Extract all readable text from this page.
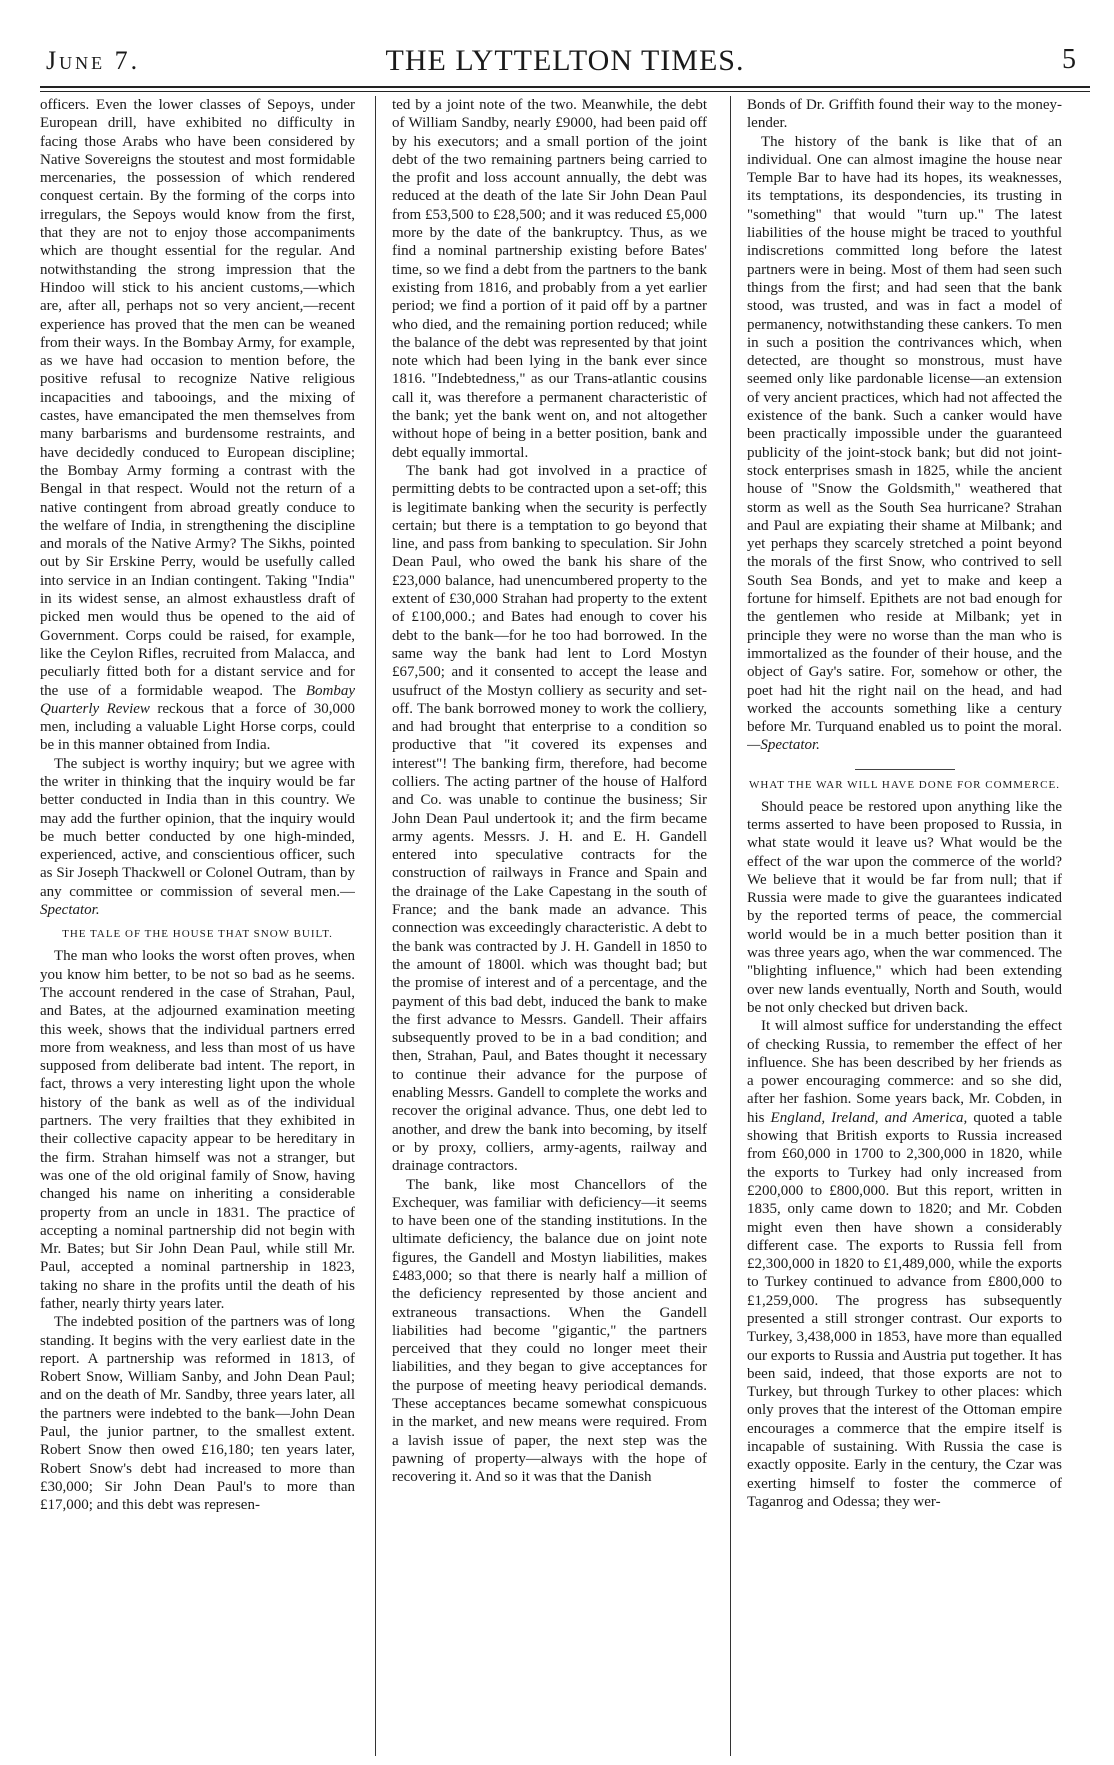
June 7.	THE LYTTELTON TIMES.	5

officers. Even the lower classes of Sepoys, under European drill, have exhibited no difficulty in facing those Arabs who have been considered by Native Sovereigns the stoutest and most formidable mercenaries, the possession of which rendered conquest certain. By the forming of the corps into irregulars, the Sepoys would know from the first, that they are not to enjoy those accompaniments which are thought essential for the regular. And notwithstanding the strong impression that the Hindoo will stick to his ancient customs,—which are, after all, perhaps not so very ancient,—recent experience has proved that the men can be weaned from their ways. In the Bombay Army, for example, as we have had occasion to mention before, the positive refusal to recognize Native religious incapacities and tabooings, and the mixing of castes, have emancipated the men themselves from many barbarisms and burdensome restraints, and have decidedly conduced to European discipline; the Bombay Army forming a contrast with the Bengal in that respect. Would not the return of a native contingent from abroad greatly conduce to the welfare of India, in strengthening the discipline and morals of the Native Army? The Sikhs, pointed out by Sir Erskine Perry, would be usefully called into service in an Indian contingent. Taking "India" in its widest sense, an almost exhaustless draft of picked men would thus be opened to the aid of Government. Corps could be raised, for example, like the Ceylon Rifles, recruited from Malacca, and peculiarly fitted both for a distant service and for the use of a formidable weapod. The Bombay Quarterly Review reckous that a force of 30,000 men, including a valuable Light Horse corps, could be in this manner obtained from India.

The subject is worthy inquiry; but we agree with the writer in thinking that the inquiry would be far better conducted in India than in this country. We may add the further opinion, that the inquiry would be much better conducted by one high-minded, experienced, active, and conscientious officer, such as Sir Joseph Thackwell or Colonel Outram, than by any committee or commission of several men.—Spectator.

THE TALE OF THE HOUSE THAT SNOW BUILT.

The man who looks the worst often proves, when you know him better, to be not so bad as he seems. The account rendered in the case of Strahan, Paul, and Bates, at the adjourned examination meeting this week, shows that the individual partners erred more from weakness, and less than most of us have supposed from deliberate bad intent. The report, in fact, throws a very interesting light upon the whole history of the bank as well as of the individual partners. The very frailties that they exhibited in their collective capacity appear to be hereditary in the firm. Strahan himself was not a stranger, but was one of the old original family of Snow, having changed his name on inheriting a considerable property from an uncle in 1831. The practice of accepting a nominal partnership did not begin with Mr. Bates; but Sir John Dean Paul, while still Mr. Paul, accepted a nominal partnership in 1823, taking no share in the profits until the death of his father, nearly thirty years later.

The indebted position of the partners was of long standing. It begins with the very earliest date in the report. A partnership was reformed in 1813, of Robert Snow, William Sanby, and John Dean Paul; and on the death of Mr. Sandby, three years later, all the partners were indebted to the bank—John Dean Paul, the junior partner, to the smallest extent. Robert Snow then owed £16,180; ten years later, Robert Snow's debt had increased to more than £30,000; Sir John Dean Paul's to more than £17,000; and this debt was represen-

ted by a joint note of the two. Meanwhile, the debt of William Sandby, nearly £9000, had been paid off by his executors; and a small portion of the joint debt of the two remaining partners being carried to the profit and loss account annually, the debt was reduced at the death of the late Sir John Dean Paul from £53,500 to £28,500; and it was reduced £5,000 more by the date of the bankruptcy. Thus, as we find a nominal partnership existing before Bates' time, so we find a debt from the partners to the bank existing from 1816, and probably from a yet earlier period; we find a portion of it paid off by a partner who died, and the remaining portion reduced; while the balance of the debt was represented by that joint note which had been lying in the bank ever since 1816. "Indebtedness," as our Trans-atlantic cousins call it, was therefore a permanent characteristic of the bank; yet the bank went on, and not altogether without hope of being in a better position, bank and debt equally immortal.

The bank had got involved in a practice of permitting debts to be contracted upon a set-off; this is legitimate banking when the security is perfectly certain; but there is a temptation to go beyond that line, and pass from banking to speculation. Sir John Dean Paul, who owed the bank his share of the £23,000 balance, had unencumbered property to the extent of £30,000 Strahan had property to the extent of £100,000.; and Bates had enough to cover his debt to the bank—for he too had borrowed. In the same way the bank had lent to Lord Mostyn £67,500; and it consented to accept the lease and usufruct of the Mostyn colliery as security and set-off. The bank borrowed money to work the colliery, and had brought that enterprise to a condition so productive that "it covered its expenses and interest"! The banking firm, therefore, had become colliers. The acting partner of the house of Halford and Co. was unable to continue the business; Sir John Dean Paul undertook it; and the firm became army agents. Messrs. J. H. and E. H. Gandell entered into speculative contracts for the construction of railways in France and Spain and the drainage of the Lake Capestang in the south of France; and the bank made an advance. This connection was exceedingly characteristic. A debt to the bank was contracted by J. H. Gandell in 1850 to the amount of 1800l. which was thought bad; but the promise of interest and of a percentage, and the payment of this bad debt, induced the bank to make the first advance to Messrs. Gandell. Their affairs subsequently proved to be in a bad condition; and then, Strahan, Paul, and Bates thought it necessary to continue their advance for the purpose of enabling Messrs. Gandell to complete the works and recover the original advance. Thus, one debt led to another, and drew the bank into becoming, by itself or by proxy, colliers, army-agents, railway and drainage contractors.

The bank, like most Chancellors of the Exchequer, was familiar with deficiency—it seems to have been one of the standing institutions. In the ultimate deficiency, the balance due on joint note figures, the Gandell and Mostyn liabilities, makes £483,000; so that there is nearly half a million of the deficiency represented by those ancient and extraneous transactions. When the Gandell liabilities had become "gigantic," the partners perceived that they could no longer meet their liabilities, and they began to give acceptances for the purpose of meeting heavy periodical demands. These acceptances became somewhat conspicuous in the market, and new means were required. From a lavish issue of paper, the next step was the pawning of property—always with the hope of recovering it. And so it was that the Danish

Bonds of Dr. Griffith found their way to the money-lender.

The history of the bank is like that of an individual. One can almost imagine the house near Temple Bar to have had its hopes, its weaknesses, its temptations, its despondencies, its trusting in "something" that would "turn up." The latest liabilities of the house might be traced to youthful indiscretions committed long before the latest partners were in being. Most of them had seen such things from the first; and had seen that the bank stood, was trusted, and was in fact a model of permanency, notwithstanding these cankers. To men in such a position the contrivances which, when detected, are thought so monstrous, must have seemed only like pardonable license—an extension of very ancient practices, which had not affected the existence of the bank. Such a canker would have been practically impossible under the guaranteed publicity of the joint-stock bank; but did not joint-stock enterprises smash in 1825, while the ancient house of "Snow the Goldsmith," weathered that storm as well as the South Sea hurricane? Strahan and Paul are expiating their shame at Milbank; and yet perhaps they scarcely stretched a point beyond the morals of the first Snow, who contrived to sell South Sea Bonds, and yet to make and keep a fortune for himself. Epithets are not bad enough for the gentlemen who reside at Milbank; yet in principle they were no worse than the man who is immortalized as the founder of their house, and the object of Gay's satire. For, somehow or other, the poet had hit the right nail on the head, and had worked the accounts something like a century before Mr. Turquand enabled us to point the moral. —Spectator.

WHAT THE WAR WILL HAVE DONE FOR COMMERCE.

Should peace be restored upon anything like the terms asserted to have been proposed to Russia, in what state would it leave us? What would be the effect of the war upon the commerce of the world? We believe that it would be far from null; that if Russia were made to give the guarantees indicated by the reported terms of peace, the commercial world would be in a much better position than it was three years ago, when the war commenced. The "blighting influence," which had been extending over new lands eventually, North and South, would be not only checked but driven back.

It will almost suffice for understanding the effect of checking Russia, to remember the effect of her influence. She has been described by her friends as a power encouraging commerce: and so she did, after her fashion. Some years back, Mr. Cobden, in his England, Ireland, and America, quoted a table showing that British exports to Russia increased from £60,000 in 1700 to 2,300,000 in 1820, while the exports to Turkey had only increased from £200,000 to £800,000. But this report, written in 1835, only came down to 1820; and Mr. Cobden might even then have shown a considerably different case. The exports to Russia fell from £2,300,000 in 1820 to £1,489,000, while the exports to Turkey continued to advance from £800,000 to £1,259,000. The progress has subsequently presented a still stronger contrast. Our exports to Turkey, 3,438,000 in 1853, have more than equalled our exports to Russia and Austria put together. It has been said, indeed, that those exports are not to Turkey, but through Turkey to other places: which only proves that the interest of the Ottoman empire encourages a commerce that the empire itself is incapable of sustaining. With Russia the case is exactly opposite. Early in the century, the Czar was exerting himself to foster the commerce of Taganrog and Odessa; they wer-
